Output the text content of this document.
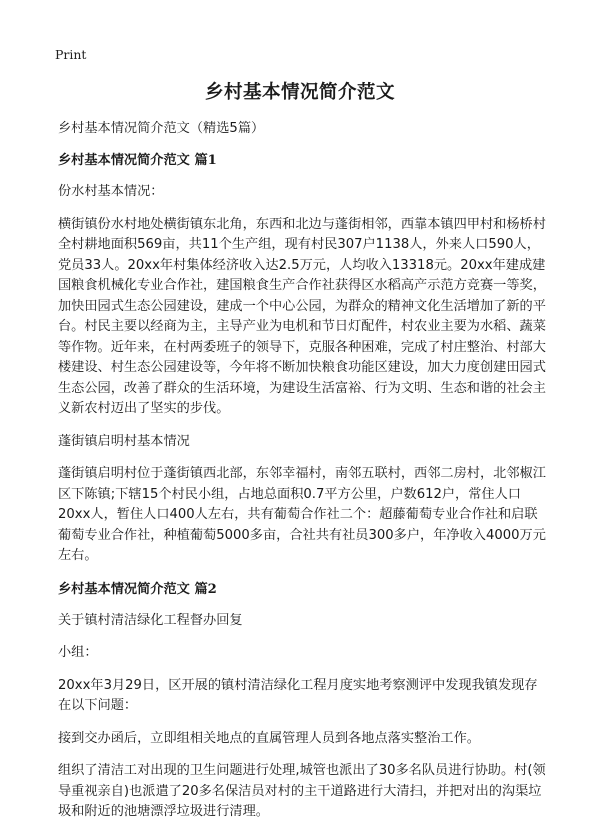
Print
乡村基本情况简介范文

乡村基本情况简介范文（精选5篇）

乡村基本情况简介范文 篇1

份水村基本情况：

横街镇份水村地处横街镇东北角，东西和北边与蓬街相邻，西靠本镇四甲村和杨桥村全村耕地面积569亩，共11个生产组，现有村民307户1138人，外来人口590人，党员33人。20xx年村集体经济收入达2.5万元，人均收入13318元。20xx年建成建国粮食机械化专业合作社，建国粮食生产合作社获得区水稻高产示范方竞赛一等奖，加快田园式生态公园建设，建成一个中心公园，为群众的精神文化生活增加了新的平台。村民主要以经商为主，主导产业为电机和节日灯配件，村农业主要为水稻、蔬菜等作物。近年来，在村两委班子的领导下，克服各种困难，完成了村庄整治、村部大楼建设、村生态公园建设等，今年将不断加快粮食功能区建设，加大力度创建田园式生态公园，改善了群众的生活环境，为建设生活富裕、行为文明、生态和谐的社会主义新农村迈出了坚实的步伐。

蓬街镇启明村基本情况

蓬街镇启明村位于蓬街镇西北部，东邻幸福村，南邻五联村，西邻二房村，北邻椒江区下陈镇;下辖15个村民小组，占地总面积0.7平方公里，户数612户，常住人口20xx人，暂住人口400人左右，共有葡萄合作社二个：超藤葡萄专业合作社和启联葡萄专业合作社，种植葡萄5000多亩，合社共有社员300多户，年净收入4000万元左右。

乡村基本情况简介范文 篇2

关于镇村清洁绿化工程督办回复

小组：

20xx年3月29日，区开展的镇村清洁绿化工程月度实地考察测评中发现我镇发现存在以下问题：

接到交办函后，立即组相关地点的直属管理人员到各地点落实整治工作。

组织了清洁工对出现的卫生问题进行处理,城管也派出了30多名队员进行协助。村(领导重视亲自)也派遣了20多名保洁员对村的主干道路进行大清扫，并把对出的沟渠垃圾和附近的池塘漂浮垃圾进行清理。
